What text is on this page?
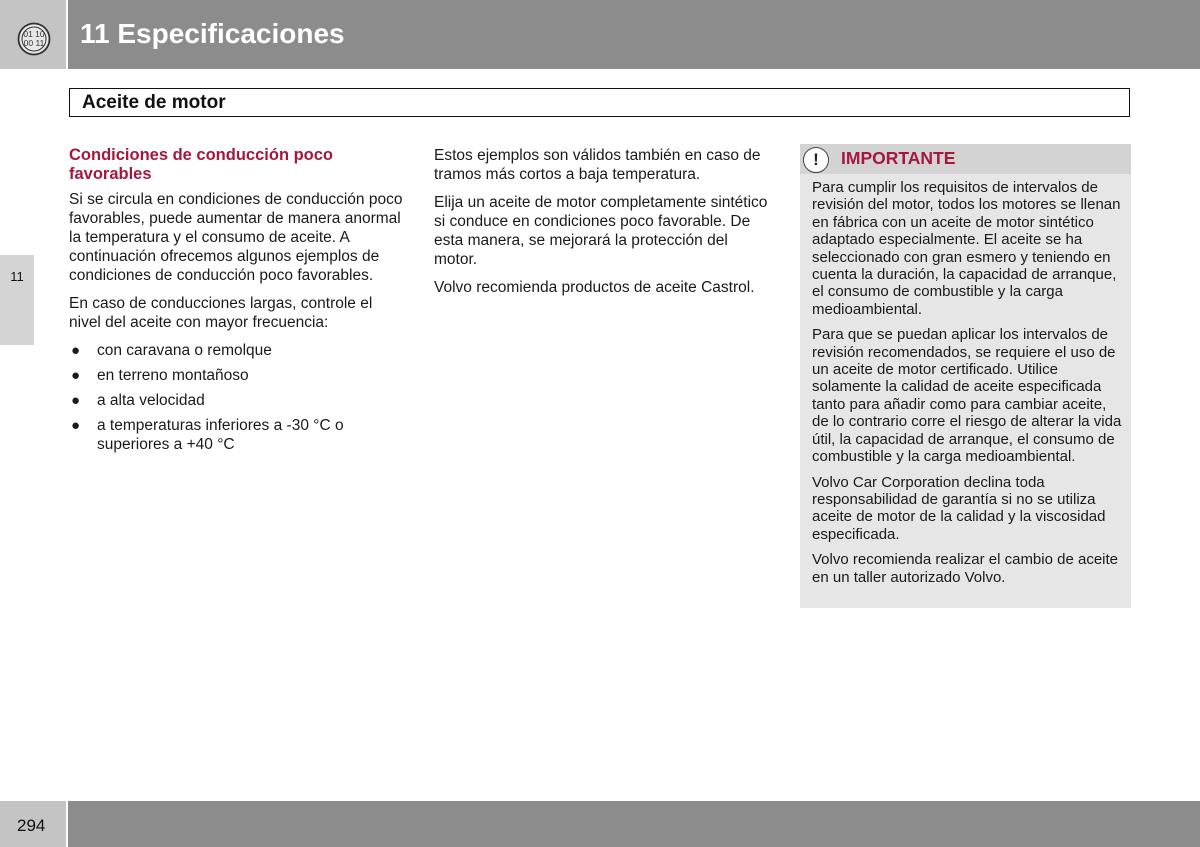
01 10
00 11 11 Especificaciones
Aceite de motor
11
Condiciones de conducción poco favorables

Si se circula en condiciones de conducción poco favorables, puede aumentar de manera anormal la temperatura y el consumo de aceite. A continuación ofrecemos algunos ejemplos de condiciones de conducción poco favorables.

En caso de conducciones largas, controle el nivel del aceite con mayor frecuencia:

● con caravana o remolque
● en terreno montañoso
● a alta velocidad
● a temperaturas inferiores a -30 °C o superiores a +40 °C

Estos ejemplos son válidos también en caso de tramos más cortos a baja temperatura.

Elija un aceite de motor completamente sintético si conduce en condiciones poco favorable. De esta manera, se mejorará la protección del motor.

Volvo recomienda productos de aceite Castrol.

!	IMPORTANTE

Para cumplir los requisitos de intervalos de revisión del motor, todos los motores se llenan en fábrica con un aceite de motor sintético adaptado especialmente. El aceite se ha seleccionado con gran esmero y teniendo en cuenta la duración, la capacidad de arranque, el consumo de combustible y la carga medioambiental.

Para que se puedan aplicar los intervalos de revisión recomendados, se requiere el uso de un aceite de motor certificado. Utilice solamente la calidad de aceite especificada tanto para añadir como para cambiar aceite, de lo contrario corre el riesgo de alterar la vida útil, la capacidad de arranque, el consumo de combustible y la carga medioambiental.

Volvo Car Corporation declina toda responsabilidad de garantía si no se utiliza aceite de motor de la calidad y la viscosidad especificada.

Volvo recomienda realizar el cambio de aceite en un taller autorizado Volvo.

294
